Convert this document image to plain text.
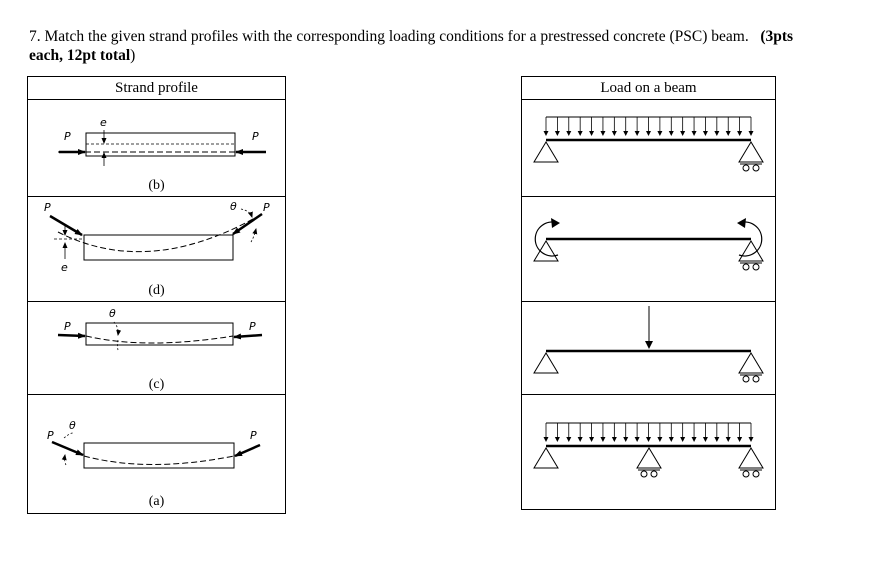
7. Match the given strand profiles with the corresponding loading conditions for a prestressed concrete (PSC) beam. (3pts
each, 12pt total)
Strand profile
P	P
e
(b)
P	P
θ
e
(d)
P	P
θ
(c)
P	P
θ
(a)
Load on a beam
